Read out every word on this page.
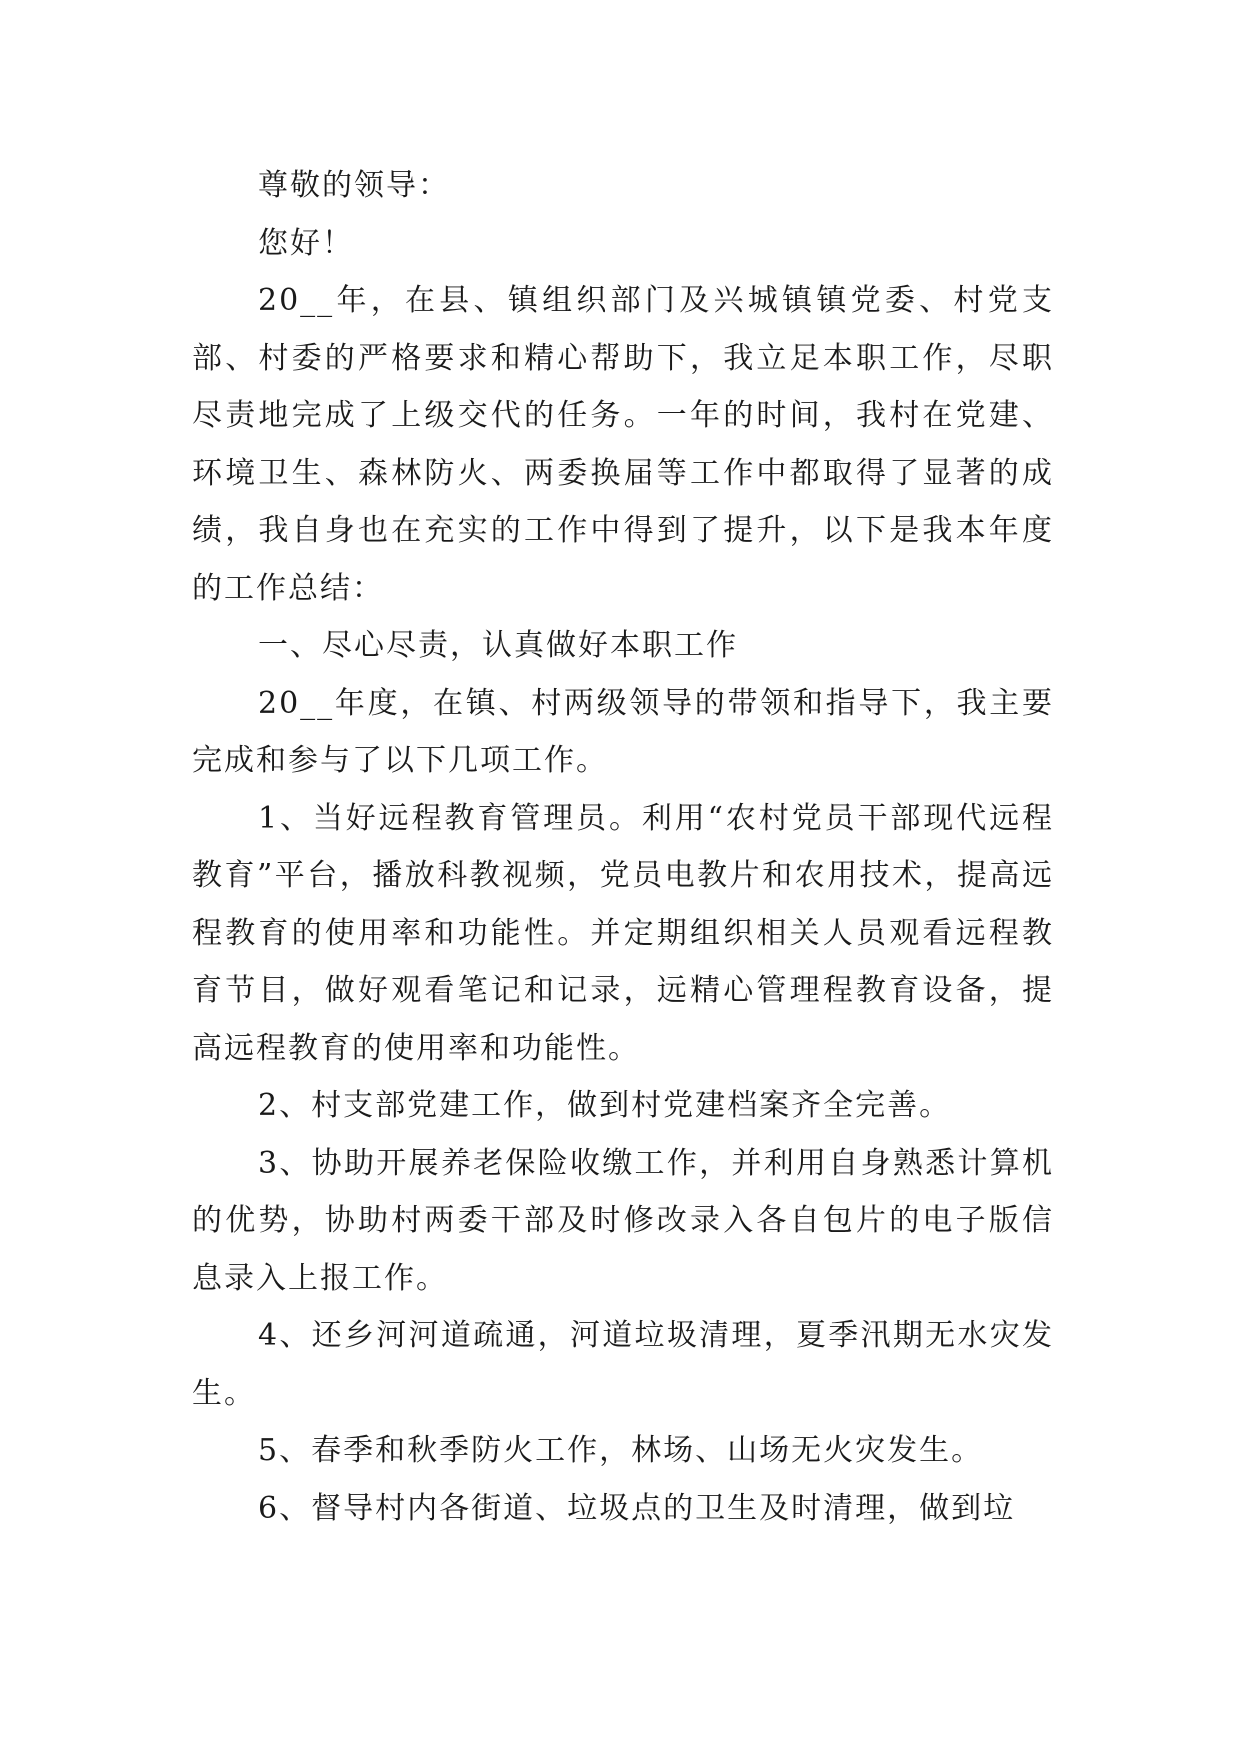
尊敬的领导：

您好！

20__年，在县、镇组织部门及兴城镇镇党委、村党支部、村委的严格要求和精心帮助下，我立足本职工作，尽职尽责地完成了上级交代的任务。一年的时间，我村在党建、环境卫生、森林防火、两委换届等工作中都取得了显著的成绩，我自身也在充实的工作中得到了提升，以下是我本年度的工作总结：

一、尽心尽责，认真做好本职工作

20__年度，在镇、村两级领导的带领和指导下，我主要完成和参与了以下几项工作。

1、当好远程教育管理员。利用“农村党员干部现代远程教育”平台，播放科教视频，党员电教片和农用技术，提高远程教育的使用率和功能性。并定期组织相关人员观看远程教育节目，做好观看笔记和记录，远精心管理程教育设备，提高远程教育的使用率和功能性。

2、村支部党建工作，做到村党建档案齐全完善。

3、协助开展养老保险收缴工作，并利用自身熟悉计算机的优势，协助村两委干部及时修改录入各自包片的电子版信息录入上报工作。

4、还乡河河道疏通，河道垃圾清理，夏季汛期无水灾发生。

5、春季和秋季防火工作，林场、山场无火灾发生。

6、督导村内各街道、垃圾点的卫生及时清理，做到垃
